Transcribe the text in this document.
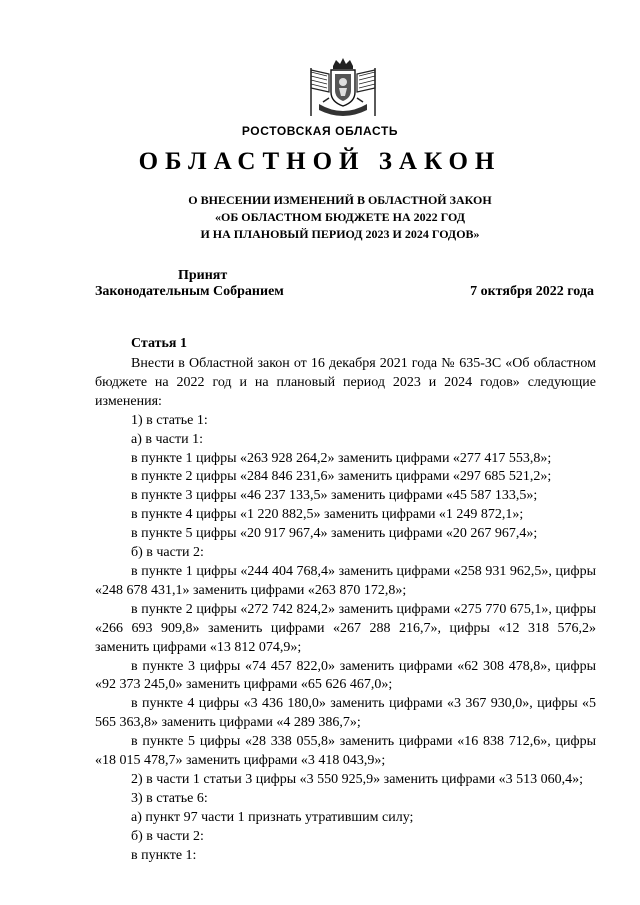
РОСТОВСКАЯ ОБЛАСТЬ
ОБЛАСТНОЙ ЗАКОН
О ВНЕСЕНИИ ИЗМЕНЕНИЙ В ОБЛАСТНОЙ ЗАКОН
«ОБ ОБЛАСТНОМ БЮДЖЕТЕ НА 2022 ГОД
И НА ПЛАНОВЫЙ ПЕРИОД 2023 И 2024 ГОДОВ»
Принят
Законодательным Собранием	7 октября 2022 года
Статья 1

Внести в Областной закон от 16 декабря 2021 года № 635-ЗС «Об областном бюджете на 2022 год и на плановый период 2023 и 2024 годов» следующие изменения:

1) в статье 1:

а) в части 1:

в пункте 1 цифры «263 928 264,2» заменить цифрами «277 417 553,8»;

в пункте 2 цифры «284 846 231,6» заменить цифрами «297 685 521,2»;

в пункте 3 цифры «46 237 133,5» заменить цифрами «45 587 133,5»;

в пункте 4 цифры «1 220 882,5» заменить цифрами «1 249 872,1»;

в пункте 5 цифры «20 917 967,4» заменить цифрами «20 267 967,4»;

б) в части 2:

в пункте 1 цифры «244 404 768,4» заменить цифрами «258 931 962,5», цифры «248 678 431,1» заменить цифрами «263 870 172,8»;

в пункте 2 цифры «272 742 824,2» заменить цифрами «275 770 675,1», цифры «266 693 909,8» заменить цифрами «267 288 216,7», цифры «12 318 576,2» заменить цифрами «13 812 074,9»;

в пункте 3 цифры «74 457 822,0» заменить цифрами «62 308 478,8», цифры «92 373 245,0» заменить цифрами «65 626 467,0»;

в пункте 4 цифры «3 436 180,0» заменить цифрами «3 367 930,0», цифры «5 565 363,8» заменить цифрами «4 289 386,7»;

в пункте 5 цифры «28 338 055,8» заменить цифрами «16 838 712,6», цифры «18 015 478,7» заменить цифрами «3 418 043,9»;

2) в части 1 статьи 3 цифры «3 550 925,9» заменить цифрами «3 513 060,4»;

3) в статье 6:

а) пункт 97 части 1 признать утратившим силу;

б) в части 2:

в пункте 1:
